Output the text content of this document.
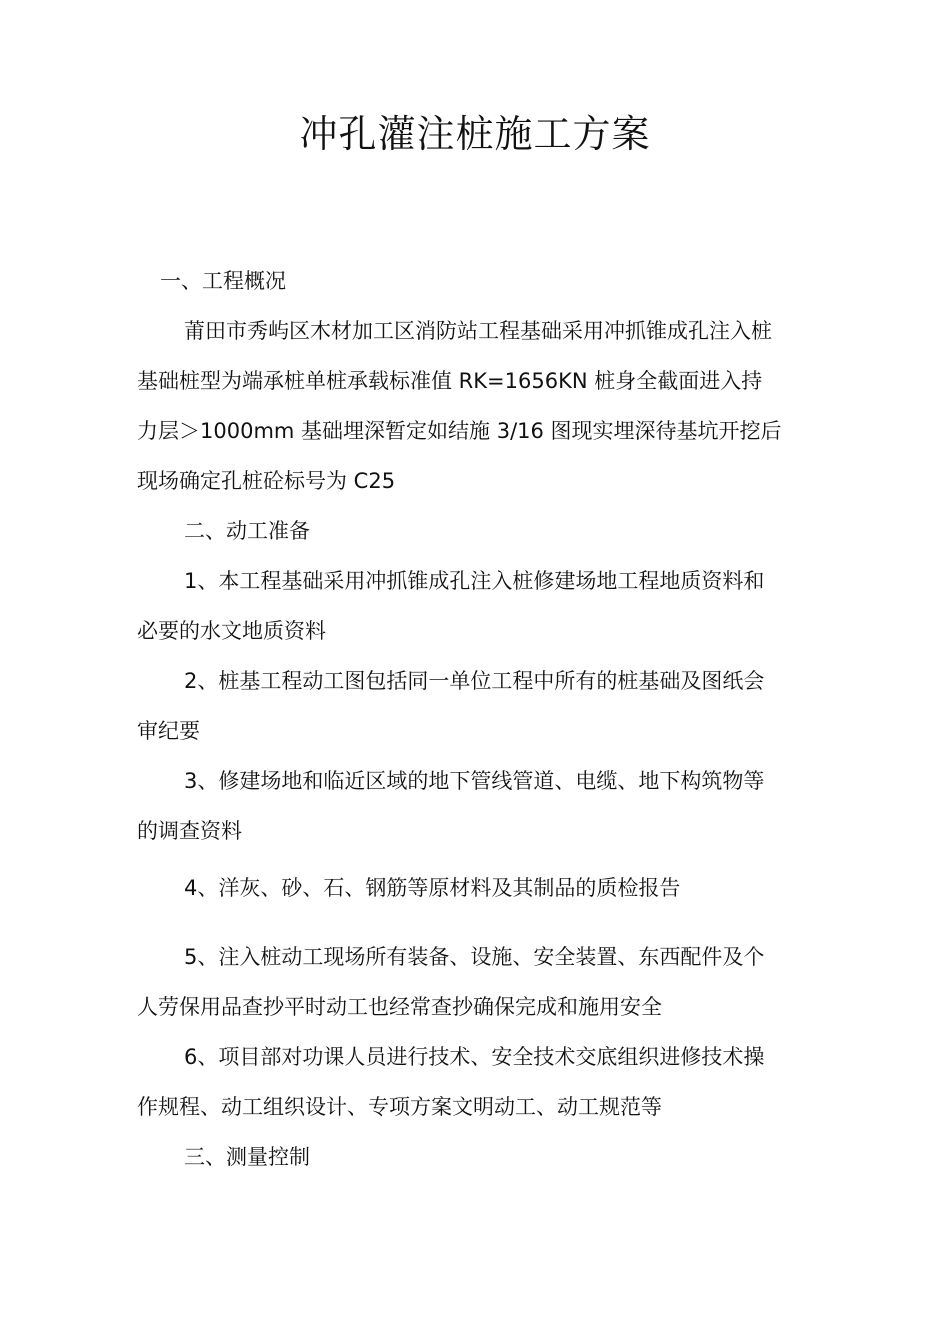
冲孔灌注桩施工方案
一、工程概况
莆田市秀屿区木材加工区消防站工程基础采用冲抓锥成孔注入桩
基础桩型为端承桩单桩承载标准值 RK=1656KN 桩身全截面进入持
力层＞1000mm 基础埋深暂定如结施 3/16 图现实埋深待基坑开挖后
现场确定孔桩砼标号为 C25
二、动工准备
1、本工程基础采用冲抓锥成孔注入桩修建场地工程地质资料和
必要的水文地质资料
2、桩基工程动工图包括同一单位工程中所有的桩基础及图纸会
审纪要
3、修建场地和临近区域的地下管线管道、电缆、地下构筑物等
的调查资料
4、洋灰、砂、石、钢筋等原材料及其制品的质检报告
5、注入桩动工现场所有装备、设施、安全装置、东西配件及个
人劳保用品查抄平时动工也经常查抄确保完成和施用安全
6、项目部对功课人员进行技术、安全技术交底组织进修技术操
作规程、动工组织设计、专项方案文明动工、动工规范等
三、测量控制
